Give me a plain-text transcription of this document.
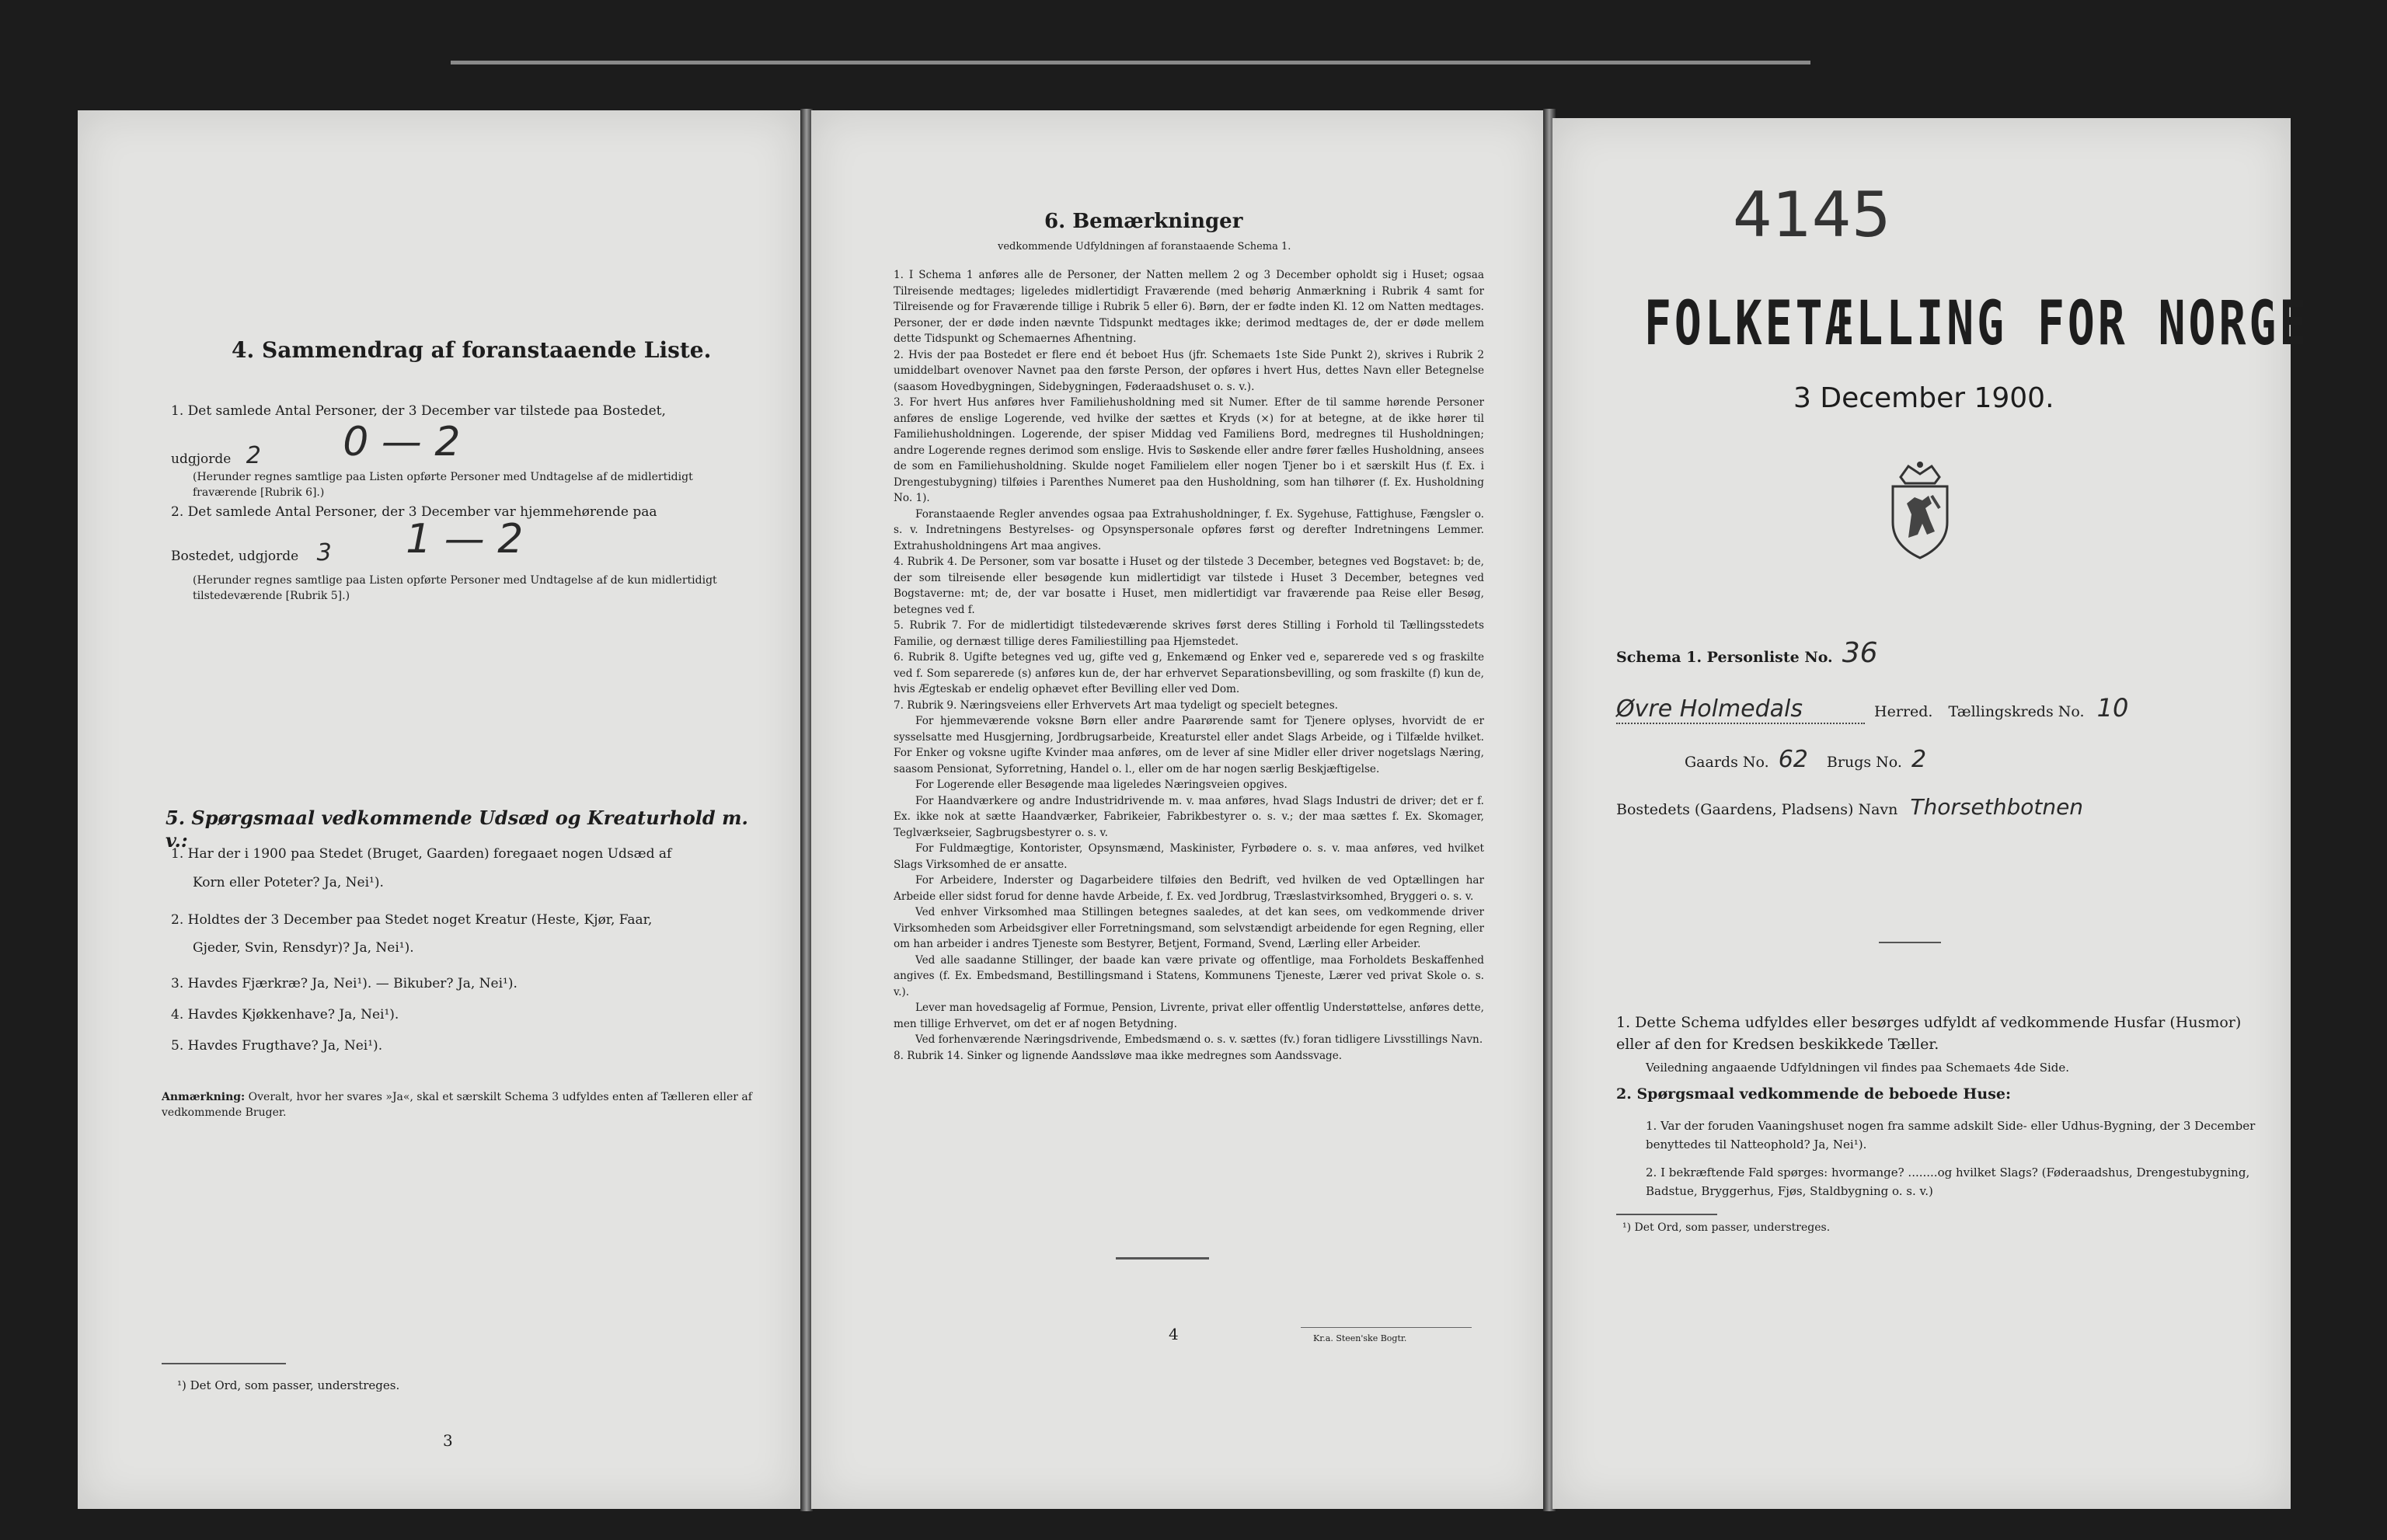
4. Sammendrag af foranstaaende Liste.
1. Det samlede Antal Personer, der 3 December var tilstede paa Bostedet,
udgjorde 2 0 — 2
(Herunder regnes samtlige paa Listen opførte Personer med Undtagelse af de midlertidigt fraværende [Rubrik 6].)
2. Det samlede Antal Personer, der 3 December var hjemmehørende paa
Bostedet, udgjorde 3 1 — 2
(Herunder regnes samtlige paa Listen opførte Personer med Undtagelse af de kun midlertidigt tilstedeværende [Rubrik 5].)
5. Spørgsmaal vedkommende Udsæd og Kreaturhold m. v.:
1. Har der i 1900 paa Stedet (Bruget, Gaarden) foregaaet nogen Udsæd af
Korn eller Poteter? Ja, Nei¹).
2. Holdtes der 3 December paa Stedet noget Kreatur (Heste, Kjør, Faar,
Gjeder, Svin, Rensdyr)? Ja, Nei¹).
3. Havdes Fjærkræ? Ja, Nei¹). — Bikuber? Ja, Nei¹).
4. Havdes Kjøkkenhave? Ja, Nei¹).
5. Havdes Frugthave? Ja, Nei¹).
Anmærkning: Overalt, hvor her svares »Ja«, skal et særskilt Schema 3 udfyldes enten af Tælleren eller af vedkommende Bruger.
¹) Det Ord, som passer, understreges.
3
6. Bemærkninger
vedkommende Udfyldningen af foranstaaende Schema 1.

1. I Schema 1 anføres alle de Personer, der Natten mellem 2 og 3 December opholdt sig i Huset; ogsaa Tilreisende medtages; ligeledes midlertidigt Fraværende (med behørig Anmærkning i Rubrik 4 samt for Tilreisende og for Fraværende tillige i Rubrik 5 eller 6). Børn, der er fødte inden Kl. 12 om Natten medtages. Personer, der er døde inden nævnte Tidspunkt medtages ikke; derimod medtages de, der er døde mellem dette Tidspunkt og Schemaernes Afhentning.

2. Hvis der paa Bostedet er flere end ét beboet Hus (jfr. Schemaets 1ste Side Punkt 2), skrives i Rubrik 2 umiddelbart ovenover Navnet paa den første Person, der opføres i hvert Hus, dettes Navn eller Betegnelse (saasom Hovedbygningen, Sidebygningen, Føderaadshuset o. s. v.).

3. For hvert Hus anføres hver Familiehusholdning med sit Numer. Efter de til samme hørende Personer anføres de enslige Logerende, ved hvilke der sættes et Kryds (×) for at betegne, at de ikke hører til Familiehusholdningen. Logerende, der spiser Middag ved Familiens Bord, medregnes til Husholdningen; andre Logerende regnes derimod som enslige. Hvis to Søskende eller andre fører fælles Husholdning, ansees de som en Familiehusholdning. Skulde noget Familielem eller nogen Tjener bo i et særskilt Hus (f. Ex. i Drengestubygning) tilføies i Parenthes Numeret paa den Husholdning, som han tilhører (f. Ex. Husholdning No. 1).

Foranstaaende Regler anvendes ogsaa paa Extrahusholdninger, f. Ex. Sygehuse, Fattighuse, Fængsler o. s. v. Indretningens Bestyrelses- og Opsynspersonale opføres først og derefter Indretningens Lemmer. Extrahusholdningens Art maa angives.

4. Rubrik 4. De Personer, som var bosatte i Huset og der tilstede 3 December, betegnes ved Bogstavet: b; de, der som tilreisende eller besøgende kun midlertidigt var tilstede i Huset 3 December, betegnes ved Bogstaverne: mt; de, der var bosatte i Huset, men midlertidigt var fraværende paa Reise eller Besøg, betegnes ved f.

5. Rubrik 7. For de midlertidigt tilstedeværende skrives først deres Stilling i Forhold til Tællingsstedets Familie, og dernæst tillige deres Familiestilling paa Hjemstedet.

6. Rubrik 8. Ugifte betegnes ved ug, gifte ved g, Enkemænd og Enker ved e, separerede ved s og fraskilte ved f. Som separerede (s) anføres kun de, der har erhvervet Separationsbevilling, og som fraskilte (f) kun de, hvis Ægteskab er endelig ophævet efter Bevilling eller ved Dom.

7. Rubrik 9. Næringsveiens eller Erhvervets Art maa tydeligt og specielt betegnes.

For hjemmeværende voksne Børn eller andre Paarørende samt for Tjenere oplyses, hvorvidt de er sysselsatte med Husgjerning, Jordbrugsarbeide, Kreaturstel eller andet Slags Arbeide, og i Tilfælde hvilket. For Enker og voksne ugifte Kvinder maa anføres, om de lever af sine Midler eller driver nogetslags Næring, saasom Pensionat, Syforretning, Handel o. l., eller om de har nogen særlig Beskjæftigelse.

For Logerende eller Besøgende maa ligeledes Næringsveien opgives.

For Haandværkere og andre Industridrivende m. v. maa anføres, hvad Slags Industri de driver; det er f. Ex. ikke nok at sætte Haandværker, Fabrikeier, Fabrikbestyrer o. s. v.; der maa sættes f. Ex. Skomager, Teglværkseier, Sagbrugsbestyrer o. s. v.

For Fuldmægtige, Kontorister, Opsynsmænd, Maskinister, Fyrbødere o. s. v. maa anføres, ved hvilket Slags Virksomhed de er ansatte.

For Arbeidere, Inderster og Dagarbeidere tilføies den Bedrift, ved hvilken de ved Optællingen har Arbeide eller sidst forud for denne havde Arbeide, f. Ex. ved Jordbrug, Træslastvirksomhed, Bryggeri o. s. v.

Ved enhver Virksomhed maa Stillingen betegnes saaledes, at det kan sees, om vedkommende driver Virksomheden som Arbeidsgiver eller Forretningsmand, som selvstændigt arbeidende for egen Regning, eller om han arbeider i andres Tjeneste som Bestyrer, Betjent, Formand, Svend, Lærling eller Arbeider.

Ved alle saadanne Stillinger, der baade kan være private og offentlige, maa Forholdets Beskaffenhed angives (f. Ex. Embedsmand, Bestillingsmand i Statens, Kommunens Tjeneste, Lærer ved privat Skole o. s. v.).

Lever man hovedsagelig af Formue, Pension, Livrente, privat eller offentlig Understøttelse, anføres dette, men tillige Erhvervet, om det er af nogen Betydning.

Ved forhenværende Næringsdrivende, Embedsmænd o. s. v. sættes (fv.) foran tidligere Livsstillings Navn.

8. Rubrik 14. Sinker og lignende Aandssløve maa ikke medregnes som Aandssvage.

4	Kr.a. Steen'ske Bogtr.
4145
FOLKETÆLLING FOR NORGE
3 December 1900.
Schema 1. Personliste No. 36
Øvre Holmedals	Herred. Tællingskreds No. 10
Gaards No. 62 Brugs No. 2
Bostedets (Gaardens, Pladsens) Navn Thorsethbotnen
1. Dette Schema udfyldes eller besørges udfyldt af vedkommende Husfar (Husmor) eller af den for Kredsen beskikkede Tæller.
Veiledning angaaende Udfyldningen vil findes paa Schemaets 4de Side.
2. Spørgsmaal vedkommende de beboede Huse:
1. Var der foruden Vaaningshuset nogen fra samme adskilt Side- eller Udhus-Bygning, der 3 December benyttedes til Natteophold? Ja, Nei¹).
2. I bekræftende Fald spørges: hvormange? ........og hvilket Slags? (Føderaadshus, Drengestubygning, Badstue, Bryggerhus, Fjøs, Staldbygning o. s. v.)
¹) Det Ord, som passer, understreges.
